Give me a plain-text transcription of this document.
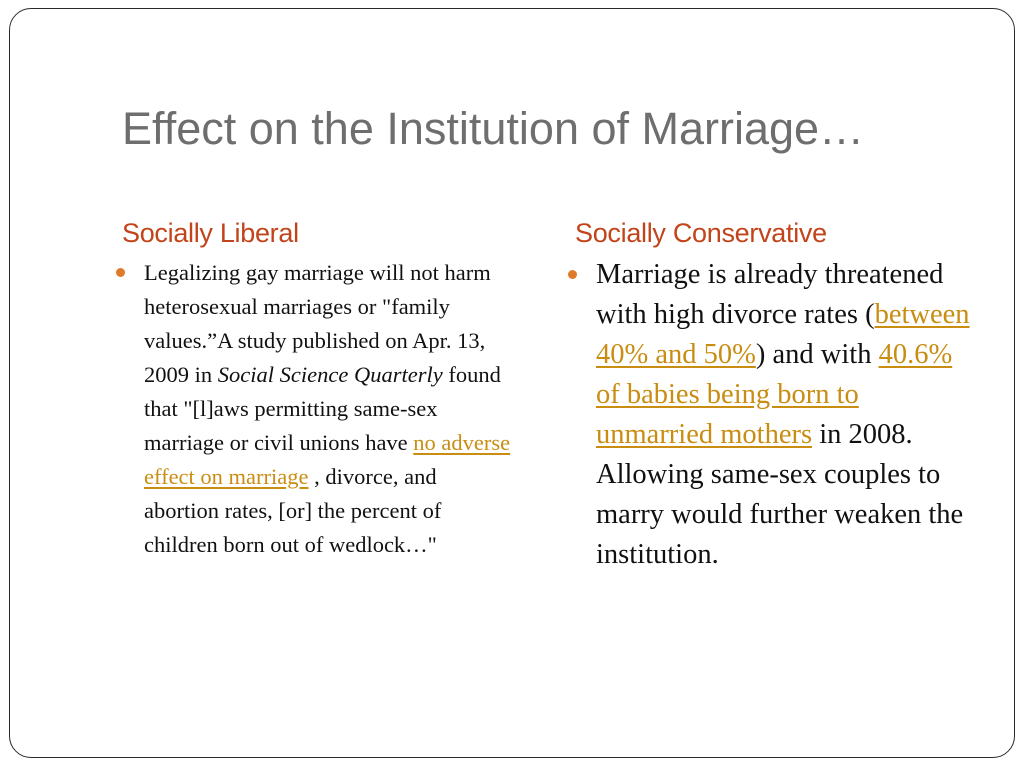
Effect on the Institution of Marriage…
Socially Liberal	Socially Conservative
Legalizing gay marriage will not harm heterosexual marriages or "family values.”A study published on Apr. 13, 2009 in Social Science Quarterly found that "[l]aws permitting same-sex marriage or civil unions have no adverse effect on marriage , divorce, and abortion rates, [or] the percent of children born out of wedlock…"
Marriage is already threatened with high divorce rates (between 40% and 50%) and with 40.6% of babies being born to unmarried mothers in 2008. Allowing same-sex couples to marry would further weaken the institution.
